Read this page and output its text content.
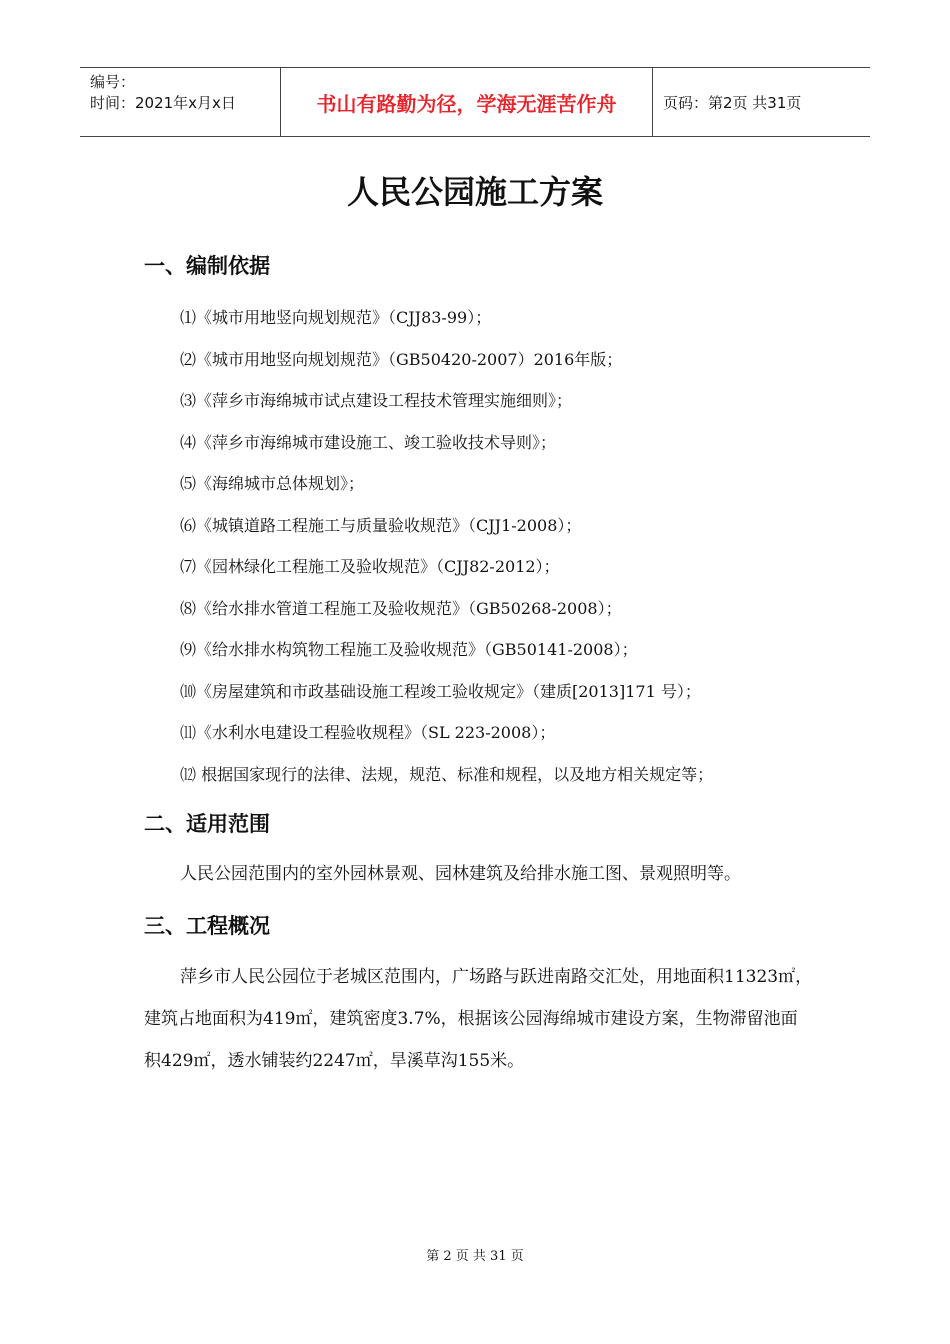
编号：
时间：2021年x月x日	书山有路勤为径，学海无涯苦作舟	页码：第2页 共31页
人民公园施工方案
一、编制依据
⑴《城市用地竖向规划规范》（CJJ83-99）；
⑵《城市用地竖向规划规范》（GB50420-2007）2016年版；
⑶《萍乡市海绵城市试点建设工程技术管理实施细则》；
⑷《萍乡市海绵城市建设施工、竣工验收技术导则》；
⑸《海绵城市总体规划》；
⑹《城镇道路工程施工与质量验收规范》（CJJ1-2008）；
⑺《园林绿化工程施工及验收规范》（CJJ82-2012）；
⑻《给水排水管道工程施工及验收规范》（GB50268-2008）；
⑼《给水排水构筑物工程施工及验收规范》（GB50141-2008）；
⑽《房屋建筑和市政基础设施工程竣工验收规定》（建质[2013]171 号）；
⑾《水利水电建设工程验收规程》（SL 223-2008）；
⑿ 根据国家现行的法律、法规，规范、标准和规程，以及地方相关规定等；
二、适用范围

人民公园范围内的室外园林景观、园林建筑及给排水施工图、景观照明等。

三、工程概况

萍乡市人民公园位于老城区范围内，广场路与跃进南路交汇处，用地面积11323㎡，建筑占地面积为419㎡，建筑密度3.7%，根据该公园海绵城市建设方案，生物滞留池面积429㎡，透水铺装约2247㎡，旱溪草沟155米。

第 2 页 共 31 页
